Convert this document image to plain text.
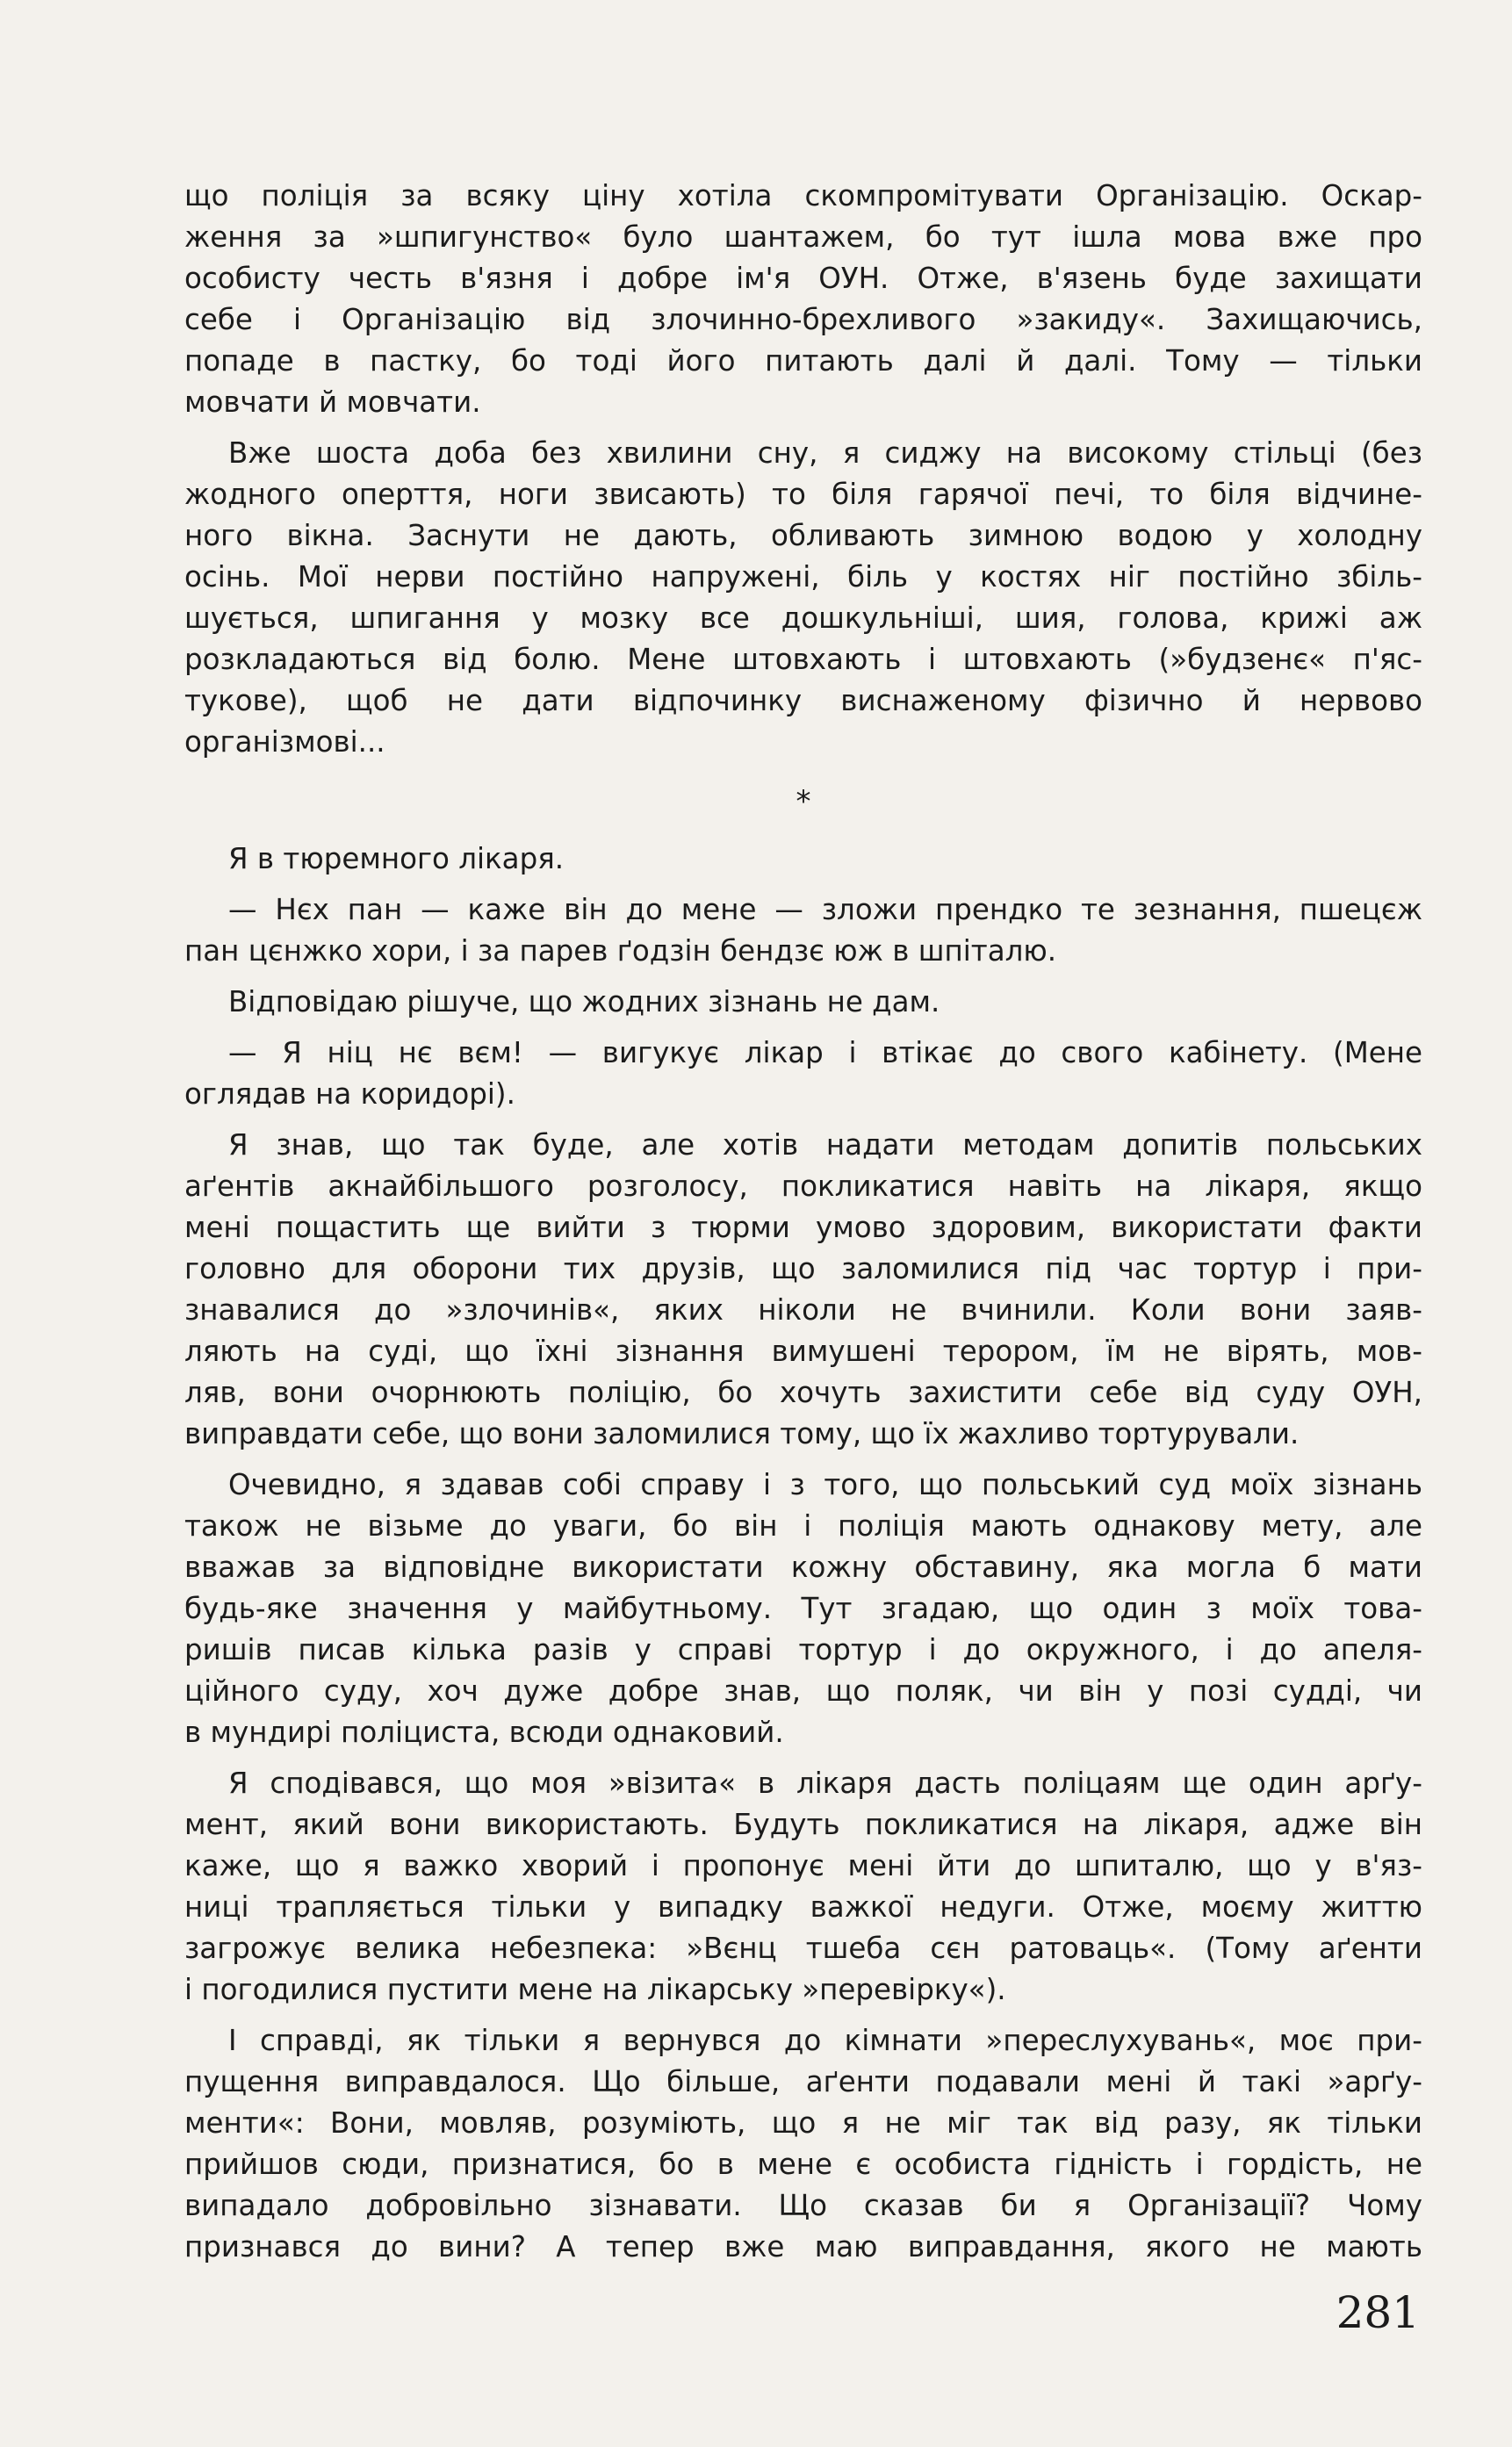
що поліція за всяку ціну хотіла скомпромітувати Організацію. Оскар-
ження за »шпигунство« було шантажем, бо тут ішла мова вже про
особисту честь в'язня і добре ім'я ОУН. Отже, в'язень буде захищати
себе і Організацію від злочинно-брехливого »закиду«. Захищаючись,
попаде в пастку, бо тоді його питають далі й далі. Тому — тільки
мовчати й мовчати.
Вже шоста доба без хвилини сну, я сиджу на високому стільці (без
жодного оперття, ноги звисають) то біля гарячої печі, то біля відчине-
ного вікна. Заснути не дають, обливають зимною водою у холодну
осінь. Мої нерви постійно напружені, біль у костях ніг постійно збіль-
шується, шпигання у мозку все дошкульніші, шия, голова, крижі аж
розкладаються від болю. Мене штовхають і штовхають (»будзенє« п'яс-
тукове), щоб не дати відпочинку виснаженому фізично й нервово
організмові...
*
Я в тюремного лікаря.
— Нєх пан — каже він до мене — зложи прендко те зезнання, пшецєж
пан цєнжко хори, і за парев ґодзін бендзє юж в шпіталю.
Відповідаю рішуче, що жодних зізнань не дам.
— Я ніц нє вєм! — вигукує лікар і втікає до свого кабінету. (Мене
оглядав на коридорі).
Я знав, що так буде, але хотів надати методам допитів польських
аґентів акнайбільшого розголосу, покликатися навіть на лікаря, якщо
мені пощастить ще вийти з тюрми умово здоровим, використати факти
головно для оборони тих друзів, що заломилися під час тортур і при-
знавалися до »злочинів«, яких ніколи не вчинили. Коли вони заяв-
ляють на суді, що їхні зізнання вимушені терором, їм не вірять, мов-
ляв, вони очорнюють поліцію, бо хочуть захистити себе від суду ОУН,
виправдати себе, що вони заломилися тому, що їх жахливо тортурували.
Очевидно, я здавав собі справу і з того, що польський суд моїх зізнань
також не візьме до уваги, бо він і поліція мають однакову мету, але
вважав за відповідне використати кожну обставину, яка могла б мати
будь-яке значення у майбутньому. Тут згадаю, що один з моїх това-
ришів писав кілька разів у справі тортур і до окружного, і до апеля-
ційного суду, хоч дуже добре знав, що поляк, чи він у позі судді, чи
в мундирі поліциста, всюди однаковий.
Я сподівався, що моя »візита« в лікаря дасть поліцаям ще один арґу-
мент, який вони використають. Будуть покликатися на лікаря, адже він
каже, що я важко хворий і пропонує мені йти до шпиталю, що у в'яз-
ниці трапляється тільки у випадку важкої недуги. Отже, моєму життю
загрожує велика небезпека: »Вєнц тшеба сєн ратоваць«. (Тому аґенти
і погодилися пустити мене на лікарську »перевірку«).
І справді, як тільки я вернувся до кімнати »переслухувань«, моє при-
пущення виправдалося. Що більше, аґенти подавали мені й такі »арґу-
менти«: Вони, мовляв, розуміють, що я не міг так від разу, як тільки
прийшов сюди, признатися, бо в мене є особиста гідність і гордість, не
випадало добровільно зізнавати. Що сказав би я Організації? Чому
признався до вини? А тепер вже маю виправдання, якого не мають
281
